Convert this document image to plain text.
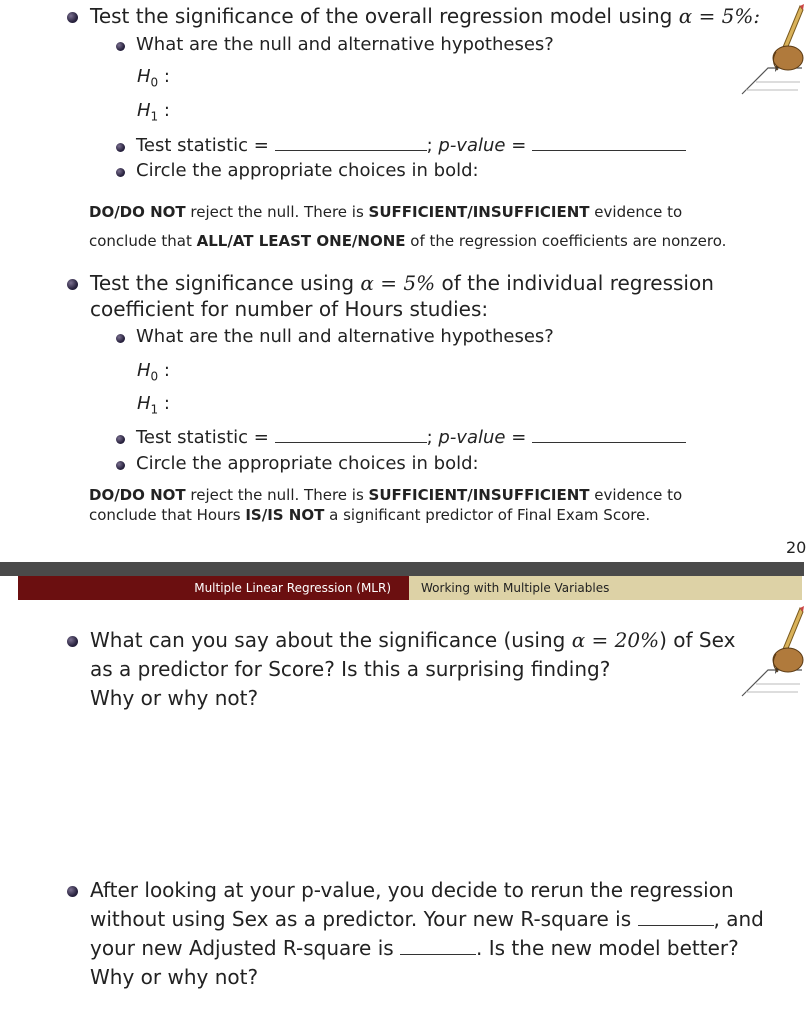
Test the significance of the overall regression model using α = 5%:
What are the null and alternative hypotheses?
$H_0$ :
$H_1$ :
Test statistic =	; p-value =
Circle the appropriate choices in bold:
DO/DO NOT reject the null. There is SUFFICIENT/INSUFFICIENT evidence to
conclude that ALL/AT LEAST ONE/NONE of the regression coefficients are nonzero.
Test the significance using α = 5% of the individual regression
coefficient for number of Hours studies:
What are the null and alternative hypotheses?
$H_0$ :
$H_1$ :
Test statistic =	; p-value =
Circle the appropriate choices in bold:
DO/DO NOT reject the null. There is SUFFICIENT/INSUFFICIENT evidence to
conclude that Hours IS/IS NOT a significant predictor of Final Exam Score.
20
Multiple Linear Regression (MLR)	Working with Multiple Variables
What can you say about the significance (using α = 20%) of Sex
as a predictor for Score? Is this a surprising finding?
Why or why not?
After looking at your p-value, you decide to rerun the regression
without using Sex as a predictor. Your new R-square is	, and
your new Adjusted R-square is	. Is the new model better?
Why or why not?
